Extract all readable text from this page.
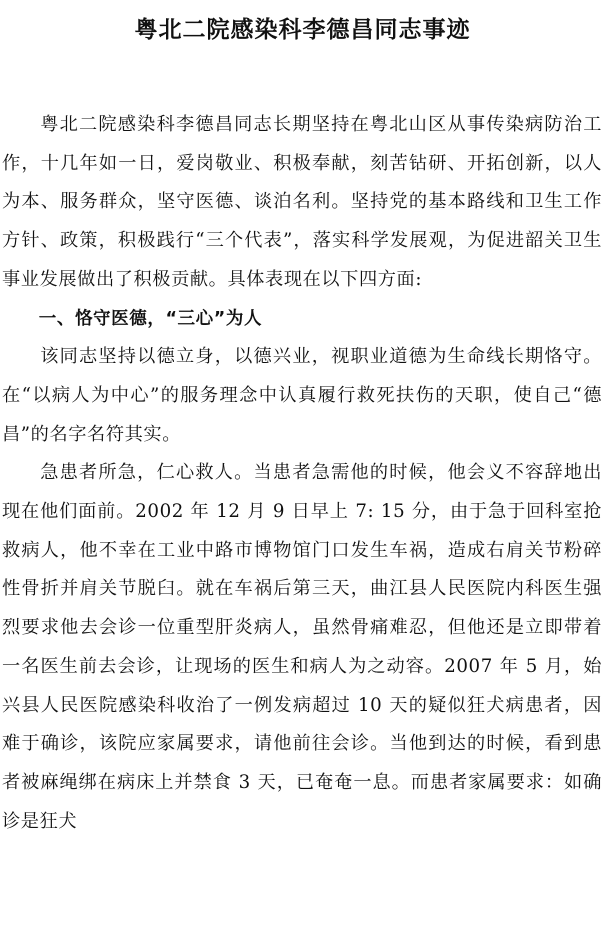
粤北二院感染科李德昌同志事迹

粤北二院感染科李德昌同志长期坚持在粤北山区从事传染病防治工作，十几年如一日，爱岗敬业、积极奉献，刻苦钻研、开拓创新，以人为本、服务群众，坚守医德、谈泊名利。坚持党的基本路线和卫生工作方针、政策，积极践行“三个代表”，落实科学发展观，为促进韶关卫生事业发展做出了积极贡献。具体表现在以下四方面:

一、恪守医德，“三心”为人

该同志坚持以德立身，以德兴业，视职业道德为生命线长期恪守。在“以病人为中心”的服务理念中认真履行救死扶伤的天职，使自己“德昌”的名字名符其实。

急患者所急，仁心救人。当患者急需他的时候，他会义不容辞地出现在他们面前。2002 年 12 月 9 日早上 7: 15 分，由于急于回科室抢救病人，他不幸在工业中路市博物馆门口发生车祸，造成右肩关节粉碎性骨折并肩关节脱臼。就在车祸后第三天，曲江县人民医院内科医生强烈要求他去会诊一位重型肝炎病人，虽然骨痛难忍，但他还是立即带着一名医生前去会诊，让现场的医生和病人为之动容。2007 年 5 月，始兴县人民医院感染科收治了一例发病超过 10 天的疑似狂犬病患者，因难于确诊，该院应家属要求，请他前往会诊。当他到达的时候，看到患者被麻绳绑在病床上并禁食 3 天，已奄奄一息。而患者家属要求：如确诊是狂犬
